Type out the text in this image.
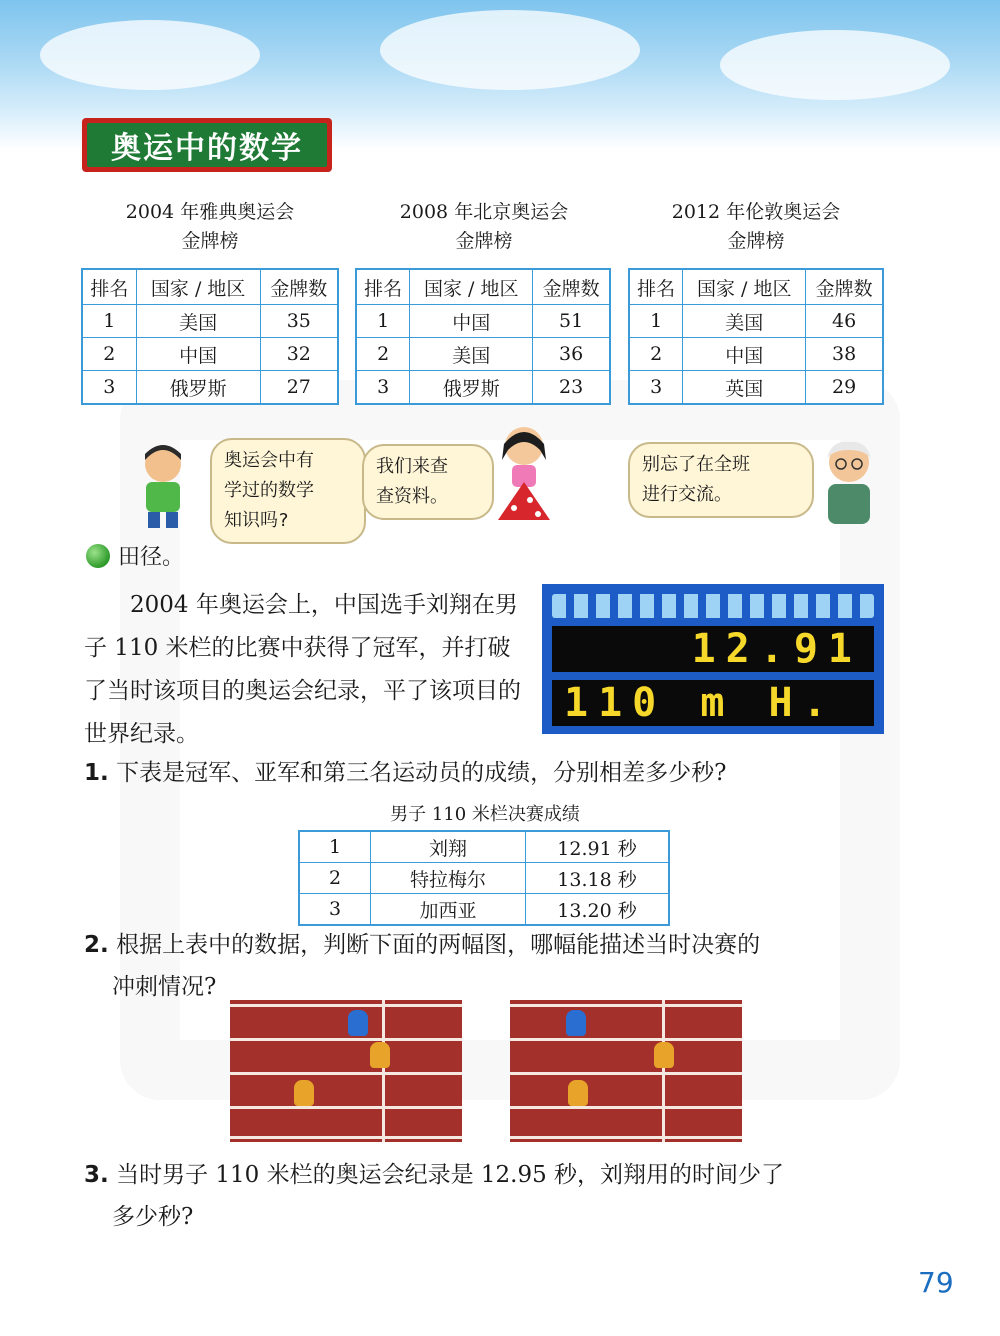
奥运中的数学
2004 年雅典奥运会
金牌榜
2008 年北京奥运会
金牌榜
2012 年伦敦奥运会
金牌榜
排名	国家 / 地区	金牌数
1	美国	35
2	中国	32
3	俄罗斯	27
排名	国家 / 地区	金牌数
1	中国	51
2	美国	36
3	俄罗斯	23
排名	国家 / 地区	金牌数
1	美国	46
2	中国	38
3	英国	29
奥运会中有
学过的数学
知识吗?
我们来查
查资料。
别忘了在全班
进行交流。
田径。
2004 年奥运会上，中国选手刘翔在男子 110 米栏的比赛中获得了冠军，并打破了当时该项目的奥运会纪录，平了该项目的世界纪录。
12.91
110 m H.
1. 下表是冠军、亚军和第三名运动员的成绩，分别相差多少秒?
男子 110 米栏决赛成绩
1	刘翔	12.91 秒
2	特拉梅尔	13.18 秒
3	加西亚	13.20 秒
2. 根据上表中的数据，判断下面的两幅图，哪幅能描述当时决赛的
冲刺情况?
3. 当时男子 110 米栏的奥运会纪录是 12.95 秒，刘翔用的时间少了
多少秒?
79
